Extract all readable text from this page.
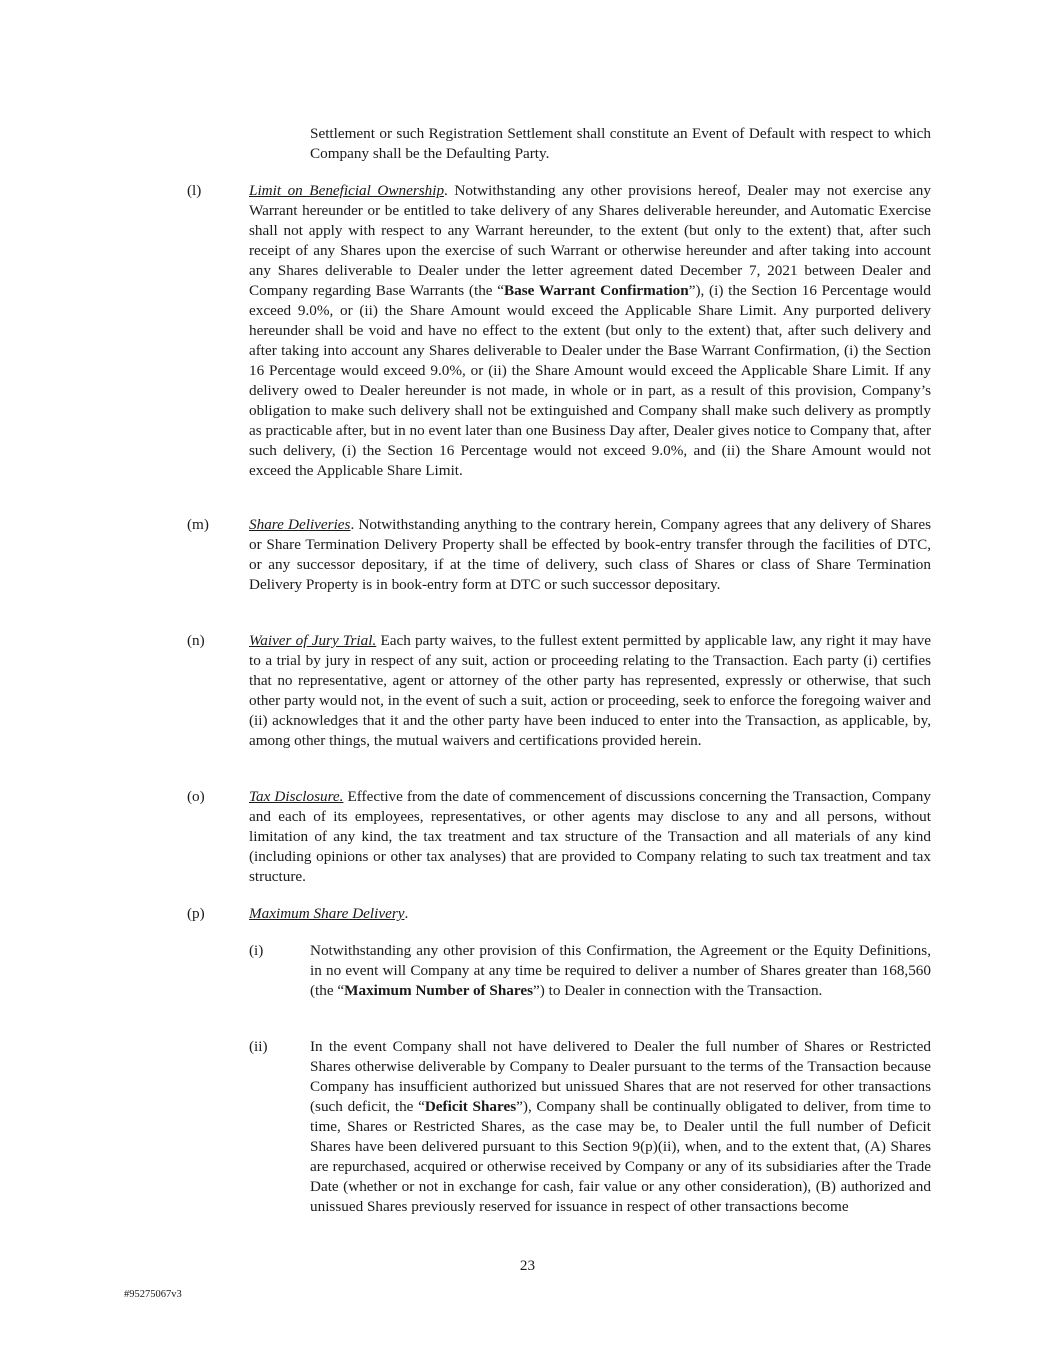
Settlement or such Registration Settlement shall constitute an Event of Default with respect to which Company shall be the Defaulting Party.

(l)	Limit on Beneficial Ownership. Notwithstanding any other provisions hereof, Dealer may not exercise any Warrant hereunder or be entitled to take delivery of any Shares deliverable hereunder, and Automatic Exercise shall not apply with respect to any Warrant hereunder, to the extent (but only to the extent) that, after such receipt of any Shares upon the exercise of such Warrant or otherwise hereunder and after taking into account any Shares deliverable to Dealer under the letter agreement dated December 7, 2021 between Dealer and Company regarding Base Warrants (the “Base Warrant Confirmation”), (i) the Section 16 Percentage would exceed 9.0%, or (ii) the Share Amount would exceed the Applicable Share Limit. Any purported delivery hereunder shall be void and have no effect to the extent (but only to the extent) that, after such delivery and after taking into account any Shares deliverable to Dealer under the Base Warrant Confirmation, (i) the Section 16 Percentage would exceed 9.0%, or (ii) the Share Amount would exceed the Applicable Share Limit. If any delivery owed to Dealer hereunder is not made, in whole or in part, as a result of this provision, Company’s obligation to make such delivery shall not be extinguished and Company shall make such delivery as promptly as practicable after, but in no event later than one Business Day after, Dealer gives notice to Company that, after such delivery, (i) the Section 16 Percentage would not exceed 9.0%, and (ii) the Share Amount would not exceed the Applicable Share Limit.

(m)	Share Deliveries. Notwithstanding anything to the contrary herein, Company agrees that any delivery of Shares or Share Termination Delivery Property shall be effected by book-entry transfer through the facilities of DTC, or any successor depositary, if at the time of delivery, such class of Shares or class of Share Termination Delivery Property is in book-entry form at DTC or such successor depositary.

(n)	Waiver of Jury Trial. Each party waives, to the fullest extent permitted by applicable law, any right it may have to a trial by jury in respect of any suit, action or proceeding relating to the Transaction. Each party (i) certifies that no representative, agent or attorney of the other party has represented, expressly or otherwise, that such other party would not, in the event of such a suit, action or proceeding, seek to enforce the foregoing waiver and (ii) acknowledges that it and the other party have been induced to enter into the Transaction, as applicable, by, among other things, the mutual waivers and certifications provided herein.

(o)	Tax Disclosure. Effective from the date of commencement of discussions concerning the Transaction, Company and each of its employees, representatives, or other agents may disclose to any and all persons, without limitation of any kind, the tax treatment and tax structure of the Transaction and all materials of any kind (including opinions or other tax analyses) that are provided to Company relating to such tax treatment and tax structure.

(p)	Maximum Share Delivery.

(i)	Notwithstanding any other provision of this Confirmation, the Agreement or the Equity Definitions, in no event will Company at any time be required to deliver a number of Shares greater than 168,560 (the “Maximum Number of Shares”) to Dealer in connection with the Transaction.

(ii)	In the event Company shall not have delivered to Dealer the full number of Shares or Restricted Shares otherwise deliverable by Company to Dealer pursuant to the terms of the Transaction because Company has insufficient authorized but unissued Shares that are not reserved for other transactions (such deficit, the “Deficit Shares”), Company shall be continually obligated to deliver, from time to time, Shares or Restricted Shares, as the case may be, to Dealer until the full number of Deficit Shares have been delivered pursuant to this Section 9(p)(ii), when, and to the extent that, (A) Shares are repurchased, acquired or otherwise received by Company or any of its subsidiaries after the Trade Date (whether or not in exchange for cash, fair value or any other consideration), (B) authorized and unissued Shares previously reserved for issuance in respect of other transactions become

23
#95275067v3
